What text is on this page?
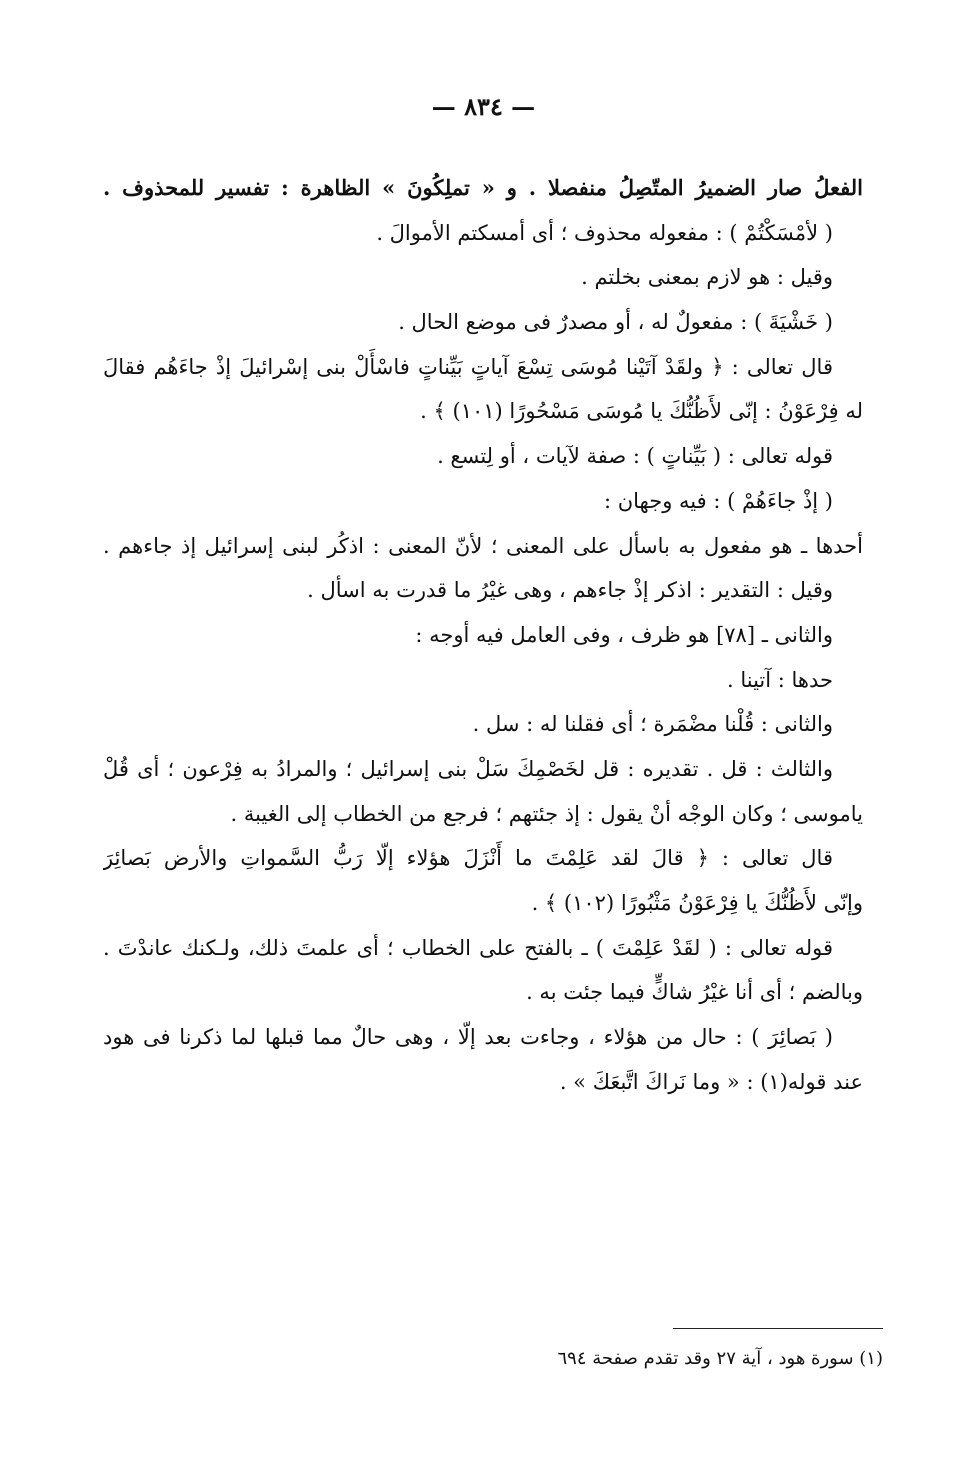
— ٨٣٤ —
الفعلُ صار الضميرُ المتّصِلُ منفصلا . و « تملِكُونَ » الظاهرة : تفسير للمحذوف .
( لأمْسَكْتُمْ ) : مفعوله محذوف ؛ أى أمسكتم الأموالَ .
وقيل : هو لازم بمعنى بخلتم .
( خَشْيَةَ ) : مفعولٌ له ، أو مصدرٌ فى موضع الحال .
قال تعالى : ﴿ ولقَدْ آتَيْنا مُوسَى تِسْعَ آياتٍ بَيِّناتٍ فاسْأَلْ بنى إسْرائيلَ إذْ جاءَهُم فقالَ
له فِرْعَوْنُ : إنّى لأَظُنُّكَ يا مُوسَى مَسْحُورًا (١٠١) ﴾ .
قوله تعالى : ( بَيِّناتٍ ) : صفة لآيات ، أو لِتسع .
( إذْ جاءَهُمْ ) : فيه وجهان :
أحدها ـ هو مفعول به باسأل على المعنى ؛ لأنّ المعنى : اذكُر لبنى إسرائيل إذ جاءهم .
وقيل : التقدير : اذكر إذْ جاءهم ، وهى غيْرُ ما قدرت به اسأل .
والثانى ـ [٧٨] هو ظرف ، وفى العامل فيه أوجه :
حدها : آتينا .
والثانى : قُلْنا مضْمَرة ؛ أى فقلنا له : سل .
والثالث : قل . تقديره : قل لخَصْمِكَ سَلْ بنى إسرائيل ؛ والمرادُ به فِرْعون ؛ أى قُلْ
ياموسى ؛ وكان الوجْه أنْ يقول : إذ جئتهم ؛ فرجع من الخطاب إلى الغيبة .
قال تعالى : ﴿ قالَ لقد عَلِمْتَ ما أَنْزَلَ هؤلاء إلّا رَبُّ السَّمواتِ والأرض بَصائِرَ
وإنّى لأَظُنُّكَ يا فِرْعَوْنُ مَثْبُورًا (١٠٢) ﴾ .
قوله تعالى : ( لقَدْ عَلِمْتَ ) ـ بالفتح على الخطاب ؛ أى علمتَ ذلك، ولـكنك عاندْتَ .
وبالضم ؛ أى أنا غيْرُ شاكٍّ فيما جئت به .
( بَصائِرَ ) : حال من هؤلاء ، وجاءت بعد إلّا ، وهى حالٌ مما قبلها لما ذكرنا فى هود
عند قوله(١) : « وما نَراكَ اتَّبعَكَ » .
(١) سورة هود ، آية ٢٧ وقد تقدم صفحة ٦٩٤
